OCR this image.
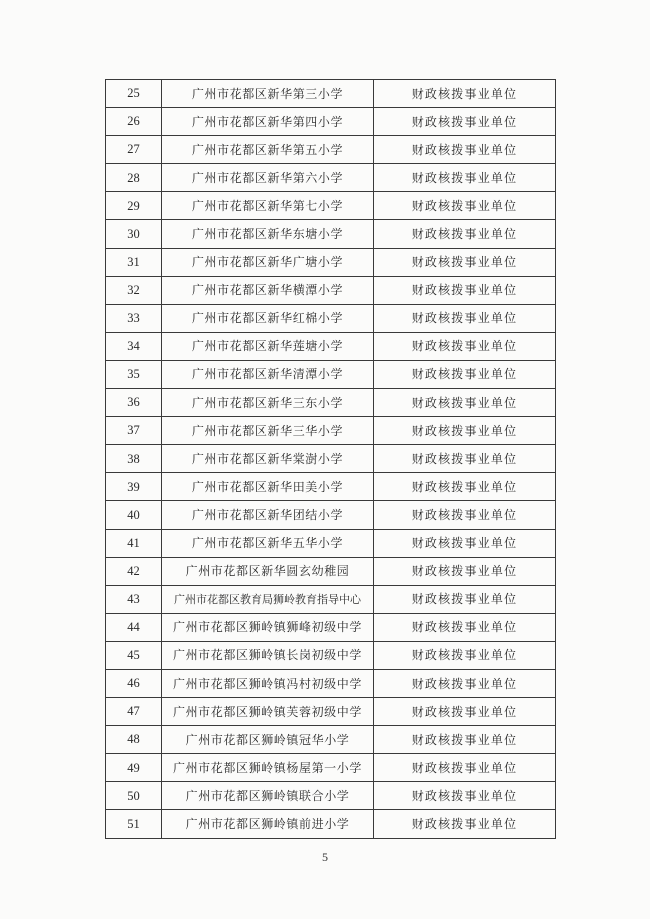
25	广州市花都区新华第三小学	财政核拨事业单位
26	广州市花都区新华第四小学	财政核拨事业单位
27	广州市花都区新华第五小学	财政核拨事业单位
28	广州市花都区新华第六小学	财政核拨事业单位
29	广州市花都区新华第七小学	财政核拨事业单位
30	广州市花都区新华东塘小学	财政核拨事业单位
31	广州市花都区新华广塘小学	财政核拨事业单位
32	广州市花都区新华横潭小学	财政核拨事业单位
33	广州市花都区新华红棉小学	财政核拨事业单位
34	广州市花都区新华莲塘小学	财政核拨事业单位
35	广州市花都区新华清潭小学	财政核拨事业单位
36	广州市花都区新华三东小学	财政核拨事业单位
37	广州市花都区新华三华小学	财政核拨事业单位
38	广州市花都区新华棠澍小学	财政核拨事业单位
39	广州市花都区新华田美小学	财政核拨事业单位
40	广州市花都区新华团结小学	财政核拨事业单位
41	广州市花都区新华五华小学	财政核拨事业单位
42	广州市花都区新华圆玄幼稚园	财政核拨事业单位
43	广州市花都区教育局狮岭教育指导中心	财政核拨事业单位
44	广州市花都区狮岭镇狮峰初级中学	财政核拨事业单位
45	广州市花都区狮岭镇长岗初级中学	财政核拨事业单位
46	广州市花都区狮岭镇冯村初级中学	财政核拨事业单位
47	广州市花都区狮岭镇芙蓉初级中学	财政核拨事业单位
48	广州市花都区狮岭镇冠华小学	财政核拨事业单位
49	广州市花都区狮岭镇杨屋第一小学	财政核拨事业单位
50	广州市花都区狮岭镇联合小学	财政核拨事业单位
51	广州市花都区狮岭镇前进小学	财政核拨事业单位
5
